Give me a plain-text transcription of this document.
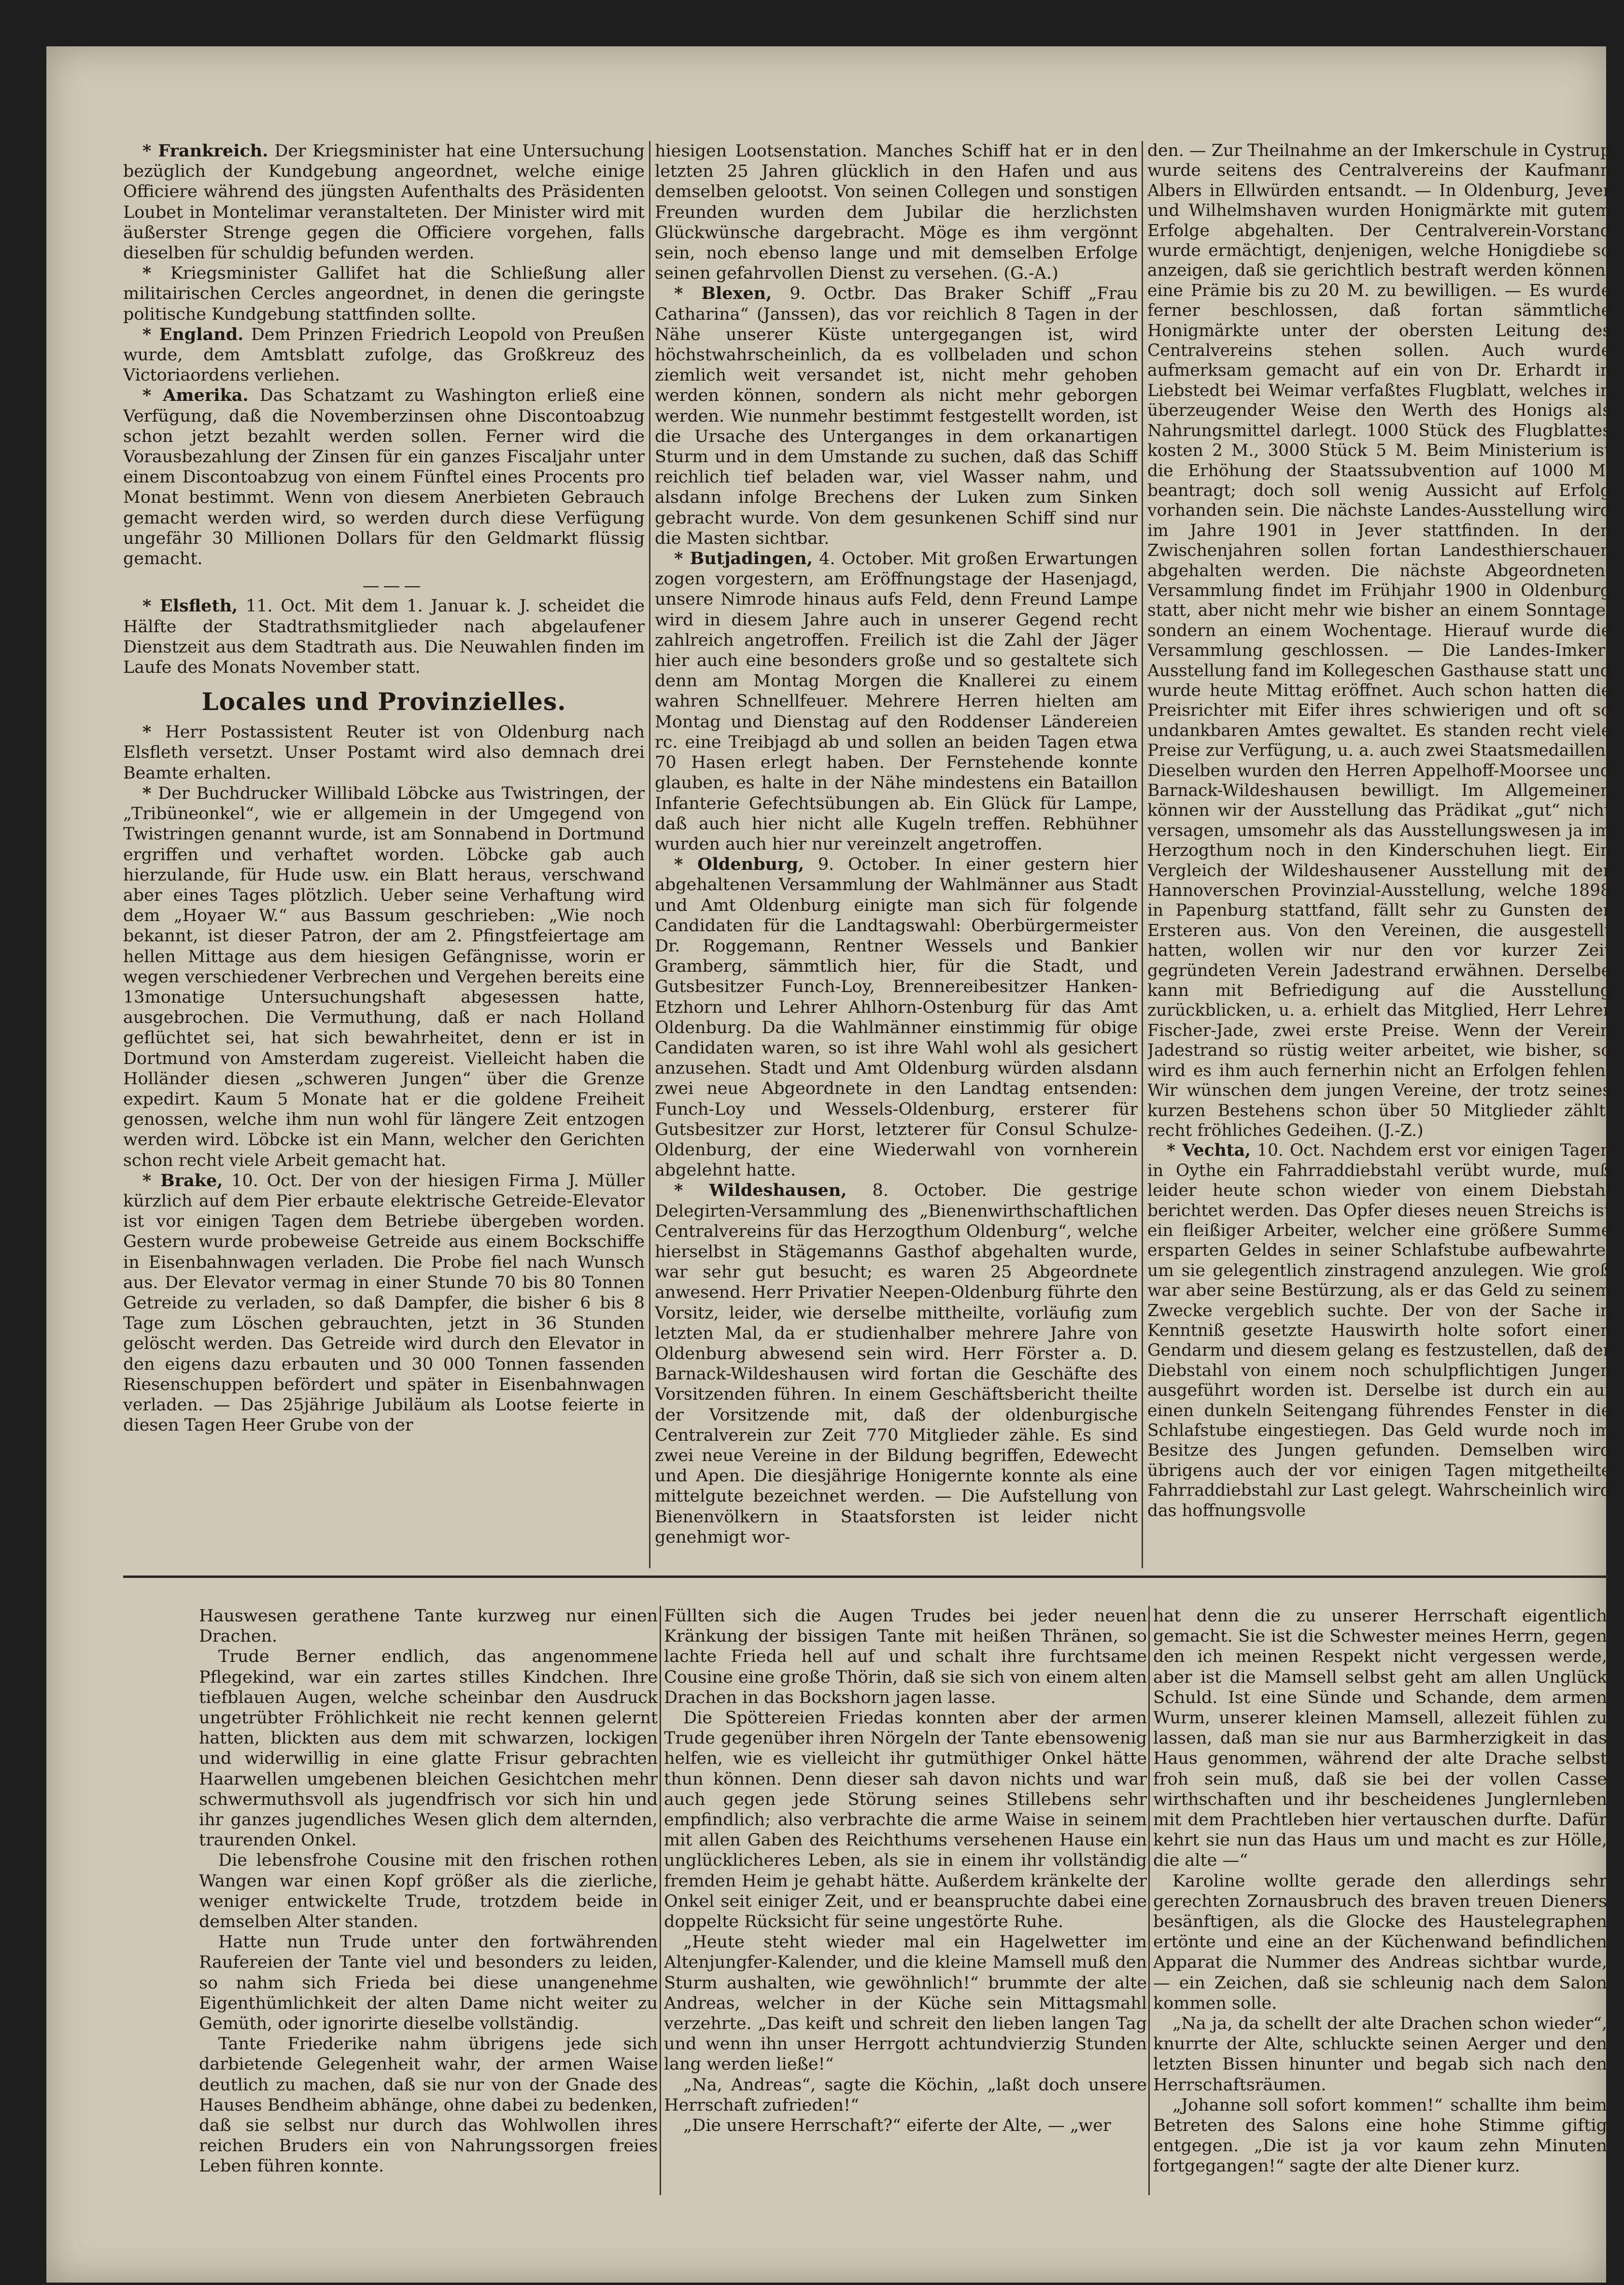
* Frankreich. Der Kriegsminister hat eine Untersuchung bezüglich der Kundgebung angeordnet, welche einige Officiere während des jüngsten Aufenthalts des Präsidenten Loubet in Montelimar veranstalteten. Der Minister wird mit äußerster Strenge gegen die Officiere vorgehen, falls dieselben für schuldig befunden werden.

* Kriegsminister Gallifet hat die Schließung aller militairischen Cercles angeordnet, in denen die geringste politische Kundgebung stattfinden sollte.

* England. Dem Prinzen Friedrich Leopold von Preußen wurde, dem Amtsblatt zufolge, das Großkreuz des Victoriaordens verliehen.

* Amerika. Das Schatzamt zu Washington erließ eine Verfügung, daß die Novemberzinsen ohne Discontoabzug schon jetzt bezahlt werden sollen. Ferner wird die Vorausbezahlung der Zinsen für ein ganzes Fiscaljahr unter einem Discontoabzug von einem Fünftel eines Procents pro Monat bestimmt. Wenn von diesem Anerbieten Gebrauch gemacht werden wird, so werden durch diese Verfügung ungefähr 30 Millionen Dollars für den Geldmarkt flüssig gemacht.

———

* Elsfleth, 11. Oct. Mit dem 1. Januar k. J. scheidet die Hälfte der Stadtrathsmitglieder nach abgelaufener Dienstzeit aus dem Stadtrath aus. Die Neuwahlen finden im Laufe des Monats November statt.

Locales und Provinzielles.

* Herr Postassistent Reuter ist von Oldenburg nach Elsfleth versetzt. Unser Postamt wird also demnach drei Beamte erhalten.

* Der Buchdrucker Willibald Löbcke aus Twistringen, der „Tribüneonkel“, wie er allgemein in der Umgegend von Twistringen genannt wurde, ist am Sonnabend in Dortmund ergriffen und verhaftet worden. Löbcke gab auch hierzulande, für Hude usw. ein Blatt heraus, verschwand aber eines Tages plötzlich. Ueber seine Verhaftung wird dem „Hoyaer W.“ aus Bassum geschrieben: „Wie noch bekannt, ist dieser Patron, der am 2. Pfingstfeiertage am hellen Mittage aus dem hiesigen Gefängnisse, worin er wegen verschiedener Verbrechen und Vergehen bereits eine 13monatige Untersuchungshaft abgesessen hatte, ausgebrochen. Die Vermuthung, daß er nach Holland geflüchtet sei, hat sich bewahrheitet, denn er ist in Dortmund von Amsterdam zugereist. Vielleicht haben die Holländer diesen „schweren Jungen“ über die Grenze expedirt. Kaum 5 Monate hat er die goldene Freiheit genossen, welche ihm nun wohl für längere Zeit entzogen werden wird. Löbcke ist ein Mann, welcher den Gerichten schon recht viele Arbeit gemacht hat.

* Brake, 10. Oct. Der von der hiesigen Firma J. Müller kürzlich auf dem Pier erbaute elektrische Getreide-Elevator ist vor einigen Tagen dem Betriebe übergeben worden. Gestern wurde probeweise Getreide aus einem Bockschiffe in Eisenbahnwagen verladen. Die Probe fiel nach Wunsch aus. Der Elevator vermag in einer Stunde 70 bis 80 Tonnen Getreide zu verladen, so daß Dampfer, die bisher 6 bis 8 Tage zum Löschen gebrauchten, jetzt in 36 Stunden gelöscht werden. Das Getreide wird durch den Elevator in den eigens dazu erbauten und 30 000 Tonnen fassenden Riesenschuppen befördert und später in Eisenbahnwagen verladen. — Das 25jährige Jubiläum als Lootse feierte in diesen Tagen Heer Grube von der

hiesigen Lootsenstation. Manches Schiff hat er in den letzten 25 Jahren glücklich in den Hafen und aus demselben gelootst. Von seinen Collegen und sonstigen Freunden wurden dem Jubilar die herzlichsten Glückwünsche dargebracht. Möge es ihm vergönnt sein, noch ebenso lange und mit demselben Erfolge seinen gefahrvollen Dienst zu versehen. (G.-A.)

* Blexen, 9. Octbr. Das Braker Schiff „Frau Catharina“ (Janssen), das vor reichlich 8 Tagen in der Nähe unserer Küste untergegangen ist, wird höchstwahrscheinlich, da es vollbeladen und schon ziemlich weit versandet ist, nicht mehr gehoben werden können, sondern als nicht mehr geborgen werden. Wie nunmehr bestimmt festgestellt worden, ist die Ursache des Unterganges in dem orkanartigen Sturm und in dem Umstande zu suchen, daß das Schiff reichlich tief beladen war, viel Wasser nahm, und alsdann infolge Brechens der Luken zum Sinken gebracht wurde. Von dem gesunkenen Schiff sind nur die Masten sichtbar.

* Butjadingen, 4. October. Mit großen Erwartungen zogen vorgestern, am Eröffnungstage der Hasenjagd, unsere Nimrode hinaus aufs Feld, denn Freund Lampe wird in diesem Jahre auch in unserer Gegend recht zahlreich angetroffen. Freilich ist die Zahl der Jäger hier auch eine besonders große und so gestaltete sich denn am Montag Morgen die Knallerei zu einem wahren Schnellfeuer. Mehrere Herren hielten am Montag und Dienstag auf den Roddenser Ländereien rc. eine Treibjagd ab und sollen an beiden Tagen etwa 70 Hasen erlegt haben. Der Fernstehende konnte glauben, es halte in der Nähe mindestens ein Bataillon Infanterie Gefechtsübungen ab. Ein Glück für Lampe, daß auch hier nicht alle Kugeln treffen. Rebhühner wurden auch hier nur vereinzelt angetroffen.

* Oldenburg, 9. October. In einer gestern hier abgehaltenen Versammlung der Wahlmänner aus Stadt und Amt Oldenburg einigte man sich für folgende Candidaten für die Landtagswahl: Oberbürgermeister Dr. Roggemann, Rentner Wessels und Bankier Gramberg, sämmtlich hier, für die Stadt, und Gutsbesitzer Funch-Loy, Brennereibesitzer Hanken-Etzhorn und Lehrer Ahlhorn-Ostenburg für das Amt Oldenburg. Da die Wahlmänner einstimmig für obige Candidaten waren, so ist ihre Wahl wohl als gesichert anzusehen. Stadt und Amt Oldenburg würden alsdann zwei neue Abgeordnete in den Landtag entsenden: Funch-Loy und Wessels-Oldenburg, ersterer für Gutsbesitzer zur Horst, letzterer für Consul Schulze-Oldenburg, der eine Wiederwahl von vornherein abgelehnt hatte.

* Wildeshausen, 8. October. Die gestrige Delegirten-Versammlung des „Bienenwirthschaftlichen Centralvereins für das Herzogthum Oldenburg“, welche hierselbst in Stägemanns Gasthof abgehalten wurde, war sehr gut besucht; es waren 25 Abgeordnete anwesend. Herr Privatier Neepen-Oldenburg führte den Vorsitz, leider, wie derselbe mittheilte, vorläufig zum letzten Mal, da er studienhalber mehrere Jahre von Oldenburg abwesend sein wird. Herr Förster a. D. Barnack-Wildeshausen wird fortan die Geschäfte des Vorsitzenden führen. In einem Geschäftsbericht theilte der Vorsitzende mit, daß der oldenburgische Centralverein zur Zeit 770 Mitglieder zähle. Es sind zwei neue Vereine in der Bildung begriffen, Edewecht und Apen. Die diesjährige Honigernte konnte als eine mittelgute bezeichnet werden. — Die Aufstellung von Bienenvölkern in Staatsforsten ist leider nicht genehmigt wor-

den. — Zur Theilnahme an der Imkerschule in Cystrup wurde seitens des Centralvereins der Kaufmann Albers in Ellwürden entsandt. — In Oldenburg, Jever und Wilhelmshaven wurden Honigmärkte mit gutem Erfolge abgehalten. Der Centralverein-Vorstand wurde ermächtigt, denjenigen, welche Honigdiebe so anzeigen, daß sie gerichtlich bestraft werden können, eine Prämie bis zu 20 M. zu bewilligen. — Es wurde ferner beschlossen, daß fortan sämmtliche Honigmärkte unter der obersten Leitung des Centralvereins stehen sollen. Auch wurde aufmerksam gemacht auf ein von Dr. Erhardt in Liebstedt bei Weimar verfaßtes Flugblatt, welches in überzeugender Weise den Werth des Honigs als Nahrungsmittel darlegt. 1000 Stück des Flugblattes kosten 2 M., 3000 Stück 5 M. Beim Ministerium ist die Erhöhung der Staatssubvention auf 1000 M. beantragt; doch soll wenig Aussicht auf Erfolg vorhanden sein. Die nächste Landes-Ausstellung wird im Jahre 1901 in Jever stattfinden. In den Zwischenjahren sollen fortan Landesthierschauen abgehalten werden. Die nächste Abgeordneten-Versammlung findet im Frühjahr 1900 in Oldenburg statt, aber nicht mehr wie bisher an einem Sonntage, sondern an einem Wochentage. Hierauf wurde die Versammlung geschlossen. — Die Landes-Imker-Ausstellung fand im Kollegeschen Gasthause statt und wurde heute Mittag eröffnet. Auch schon hatten die Preisrichter mit Eifer ihres schwierigen und oft so undankbaren Amtes gewaltet. Es standen recht viele Preise zur Verfügung, u. a. auch zwei Staatsmedaillen. Dieselben wurden den Herren Appelhoff-Moorsee und Barnack-Wildeshausen bewilligt. Im Allgemeinen können wir der Ausstellung das Prädikat „gut“ nicht versagen, umsomehr als das Ausstellungswesen ja im Herzogthum noch in den Kinderschuhen liegt. Ein Vergleich der Wildeshausener Ausstellung mit der Hannoverschen Provinzial-Ausstellung, welche 1898 in Papenburg stattfand, fällt sehr zu Gunsten der Ersteren aus. Von den Vereinen, die ausgestellt hatten, wollen wir nur den vor kurzer Zeit gegründeten Verein Jadestrand erwähnen. Derselbe kann mit Befriedigung auf die Ausstellung zurückblicken, u. a. erhielt das Mitglied, Herr Lehrer Fischer-Jade, zwei erste Preise. Wenn der Verein Jadestrand so rüstig weiter arbeitet, wie bisher, so wird es ihm auch fernerhin nicht an Erfolgen fehlen. Wir wünschen dem jungen Vereine, der trotz seines kurzen Bestehens schon über 50 Mitglieder zählt, recht fröhliches Gedeihen. (J.-Z.)

* Vechta, 10. Oct. Nachdem erst vor einigen Tagen in Oythe ein Fahrraddiebstahl verübt wurde, muß leider heute schon wieder von einem Diebstahl berichtet werden. Das Opfer dieses neuen Streichs ist ein fleißiger Arbeiter, welcher eine größere Summe ersparten Geldes in seiner Schlafstube aufbewahrte, um sie gelegentlich zinstragend anzulegen. Wie groß war aber seine Bestürzung, als er das Geld zu seinem Zwecke vergeblich suchte. Der von der Sache in Kenntniß gesetzte Hauswirth holte sofort einen Gendarm und diesem gelang es festzustellen, daß der Diebstahl von einem noch schulpflichtigen Jungen ausgeführt worden ist. Derselbe ist durch ein auf einen dunkeln Seitengang führendes Fenster in die Schlafstube eingestiegen. Das Geld wurde noch im Besitze des Jungen gefunden. Demselben wird übrigens auch der vor einigen Tagen mitgetheilte Fahrraddiebstahl zur Last gelegt. Wahrscheinlich wird das hoffnungsvolle

Hauswesen gerathene Tante kurzweg nur einen Drachen.

Trude Berner endlich, das angenommene Pflegekind, war ein zartes stilles Kindchen. Ihre tiefblauen Augen, welche scheinbar den Ausdruck ungetrübter Fröhlichkeit nie recht kennen gelernt hatten, blickten aus dem mit schwarzen, lockigen und widerwillig in eine glatte Frisur gebrachten Haarwellen umgebenen bleichen Gesichtchen mehr schwermuthsvoll als jugendfrisch vor sich hin und ihr ganzes jugendliches Wesen glich dem alternden, traurenden Onkel.

Die lebensfrohe Cousine mit den frischen rothen Wangen war einen Kopf größer als die zierliche, weniger entwickelte Trude, trotzdem beide in demselben Alter standen.

Hatte nun Trude unter den fortwährenden Raufereien der Tante viel und besonders zu leiden, so nahm sich Frieda bei diese unangenehme Eigenthümlichkeit der alten Dame nicht weiter zu Gemüth, oder ignorirte dieselbe vollständig.

Tante Friederike nahm übrigens jede sich darbietende Gelegenheit wahr, der armen Waise deutlich zu machen, daß sie nur von der Gnade des Hauses Bendheim abhänge, ohne dabei zu bedenken, daß sie selbst nur durch das Wohlwollen ihres reichen Bruders ein von Nahrungssorgen freies Leben führen konnte.

Füllten sich die Augen Trudes bei jeder neuen Kränkung der bissigen Tante mit heißen Thränen, so lachte Frieda hell auf und schalt ihre furchtsame Cousine eine große Thörin, daß sie sich von einem alten Drachen in das Bockshorn jagen lasse.

Die Spöttereien Friedas konnten aber der armen Trude gegenüber ihren Nörgeln der Tante ebensowenig helfen, wie es vielleicht ihr gutmüthiger Onkel hätte thun können. Denn dieser sah davon nichts und war auch gegen jede Störung seines Stillebens sehr empfindlich; also verbrachte die arme Waise in seinem mit allen Gaben des Reichthums versehenen Hause ein unglücklicheres Leben, als sie in einem ihr vollständig fremden Heim je gehabt hätte. Außerdem kränkelte der Onkel seit einiger Zeit, und er beanspruchte dabei eine doppelte Rücksicht für seine ungestörte Ruhe.

„Heute steht wieder mal ein Hagelwetter im Altenjungfer-Kalender, und die kleine Mamsell muß den Sturm aushalten, wie gewöhnlich!“ brummte der alte Andreas, welcher in der Küche sein Mittagsmahl verzehrte. „Das keift und schreit den lieben langen Tag und wenn ihn unser Herrgott achtundvierzig Stunden lang werden ließe!“

„Na, Andreas“, sagte die Köchin, „laßt doch unsere Herrschaft zufrieden!“

„Die unsere Herrschaft?“ eiferte der Alte, — „wer

hat denn die zu unserer Herrschaft eigentlich gemacht. Sie ist die Schwester meines Herrn, gegen den ich meinen Respekt nicht vergessen werde, aber ist die Mamsell selbst geht am allen Unglück Schuld. Ist eine Sünde und Schande, dem armen Wurm, unserer kleinen Mamsell, allezeit fühlen zu lassen, daß man sie nur aus Barmherzigkeit in das Haus genommen, während der alte Drache selbst froh sein muß, daß sie bei der vollen Casse wirthschaften und ihr bescheidenes Junglernleben mit dem Prachtleben hier vertauschen durfte. Dafür kehrt sie nun das Haus um und macht es zur Hölle, die alte —“

Karoline wollte gerade den allerdings sehr gerechten Zornausbruch des braven treuen Dieners besänftigen, als die Glocke des Haustelegraphen ertönte und eine an der Küchenwand befindlichen Apparat die Nummer des Andreas sichtbar wurde, — ein Zeichen, daß sie schleunig nach dem Salon kommen solle.

„Na ja, da schellt der alte Drachen schon wieder“, knurrte der Alte, schluckte seinen Aerger und den letzten Bissen hinunter und begab sich nach den Herrschaftsräumen.

„Johanne soll sofort kommen!“ schallte ihm beim Betreten des Salons eine hohe Stimme giftig entgegen. „Die ist ja vor kaum zehn Minuten fortgegangen!“ sagte der alte Diener kurz.
